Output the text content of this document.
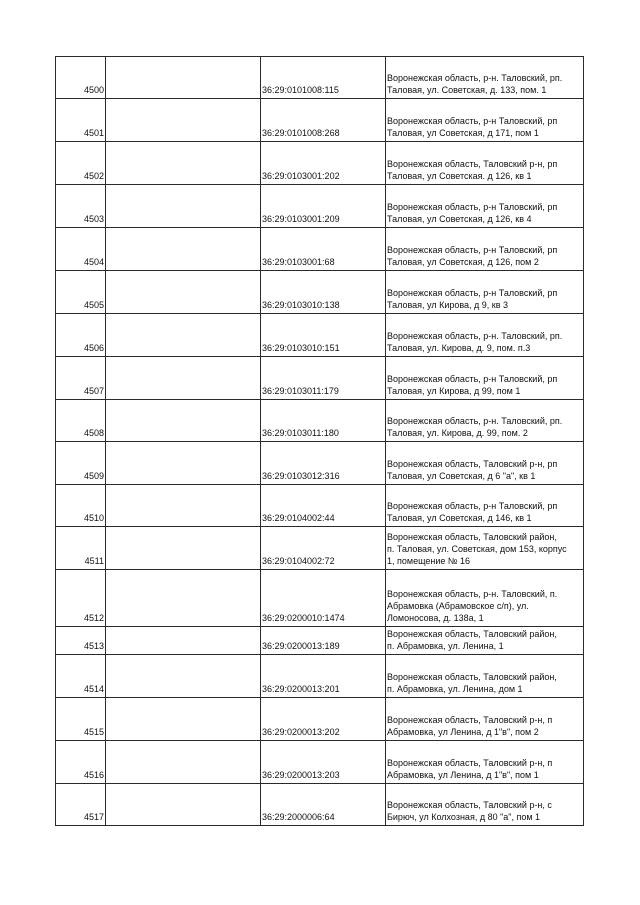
4500		36:29:0101008:115	Воронежская область, р-н. Таловский, рп.
Таловая, ул. Советская, д. 133, пом. 1

4501		36:29:0101008:268	Воронежская область, р-н Таловский, рп
Таловая, ул Советская, д 171, пом 1

4502		36:29:0103001:202	Воронежская область, Таловский р-н, рп
Таловая, ул Советская. д 126, кв 1

4503		36:29:0103001:209	Воронежская область, р-н Таловский, рп
Таловая, ул Советская, д 126, кв 4

4504		36:29:0103001:68	Воронежская область, р-н Таловский, рп
Таловая, ул Советская, д 126, пом 2

4505		36:29:0103010:138	Воронежская область, р-н Таловский, рп
Таловая, ул Кирова, д 9, кв 3

4506		36:29:0103010:151	Воронежская область, р-н. Таловский, рп.
Таловая, ул. Кирова, д. 9, пом. п.3

4507		36:29:0103011:179	Воронежская область, р-н Таловский, рп
Таловая, ул Кирова, д 99, пом 1

4508		36:29:0103011:180	Воронежская область, р-н. Таловский, рп.
Таловая, ул. Кирова, д. 99, пом. 2

4509		36:29:0103012:316	Воронежская область, Таловский р-н, рп
Таловая, ул Советская, д 6 "а", кв 1

4510		36:29:0104002:44	Воронежская область, р-н Таловский, рп
Таловая, ул Советская, д 146, кв 1

4511		36:29:0104002:72	Воронежская область, Таловский район,
п. Таловая, ул. Советская, дом 153, корпус
1, помещение № 16

4512		36:29:0200010:1474	Воронежская область, р-н. Таловский, п.
Абрамовка (Абрамовское с/п), ул.
Ломоносова, д. 138а, 1

4513		36:29:0200013:189	Воронежская область, Таловский район,
п. Абрамовка, ул. Ленина, 1

4514		36:29:0200013:201	Воронежская область, Таловский район,
п. Абрамовка, ул. Ленина, дом 1

4515		36:29:0200013:202	Воронежская область, Таловский р-н, п
Абрамовка, ул Ленина, д 1"в", пом 2

4516		36:29:0200013:203	Воронежская область, Таловский р-н, п
Абрамовка, ул Ленина, д 1"в", пом 1

4517		36:29:2000006:64	Воронежская область, Таловский р-н, с
Бирюч, ул Колхозная, д 80 "а", пом 1
